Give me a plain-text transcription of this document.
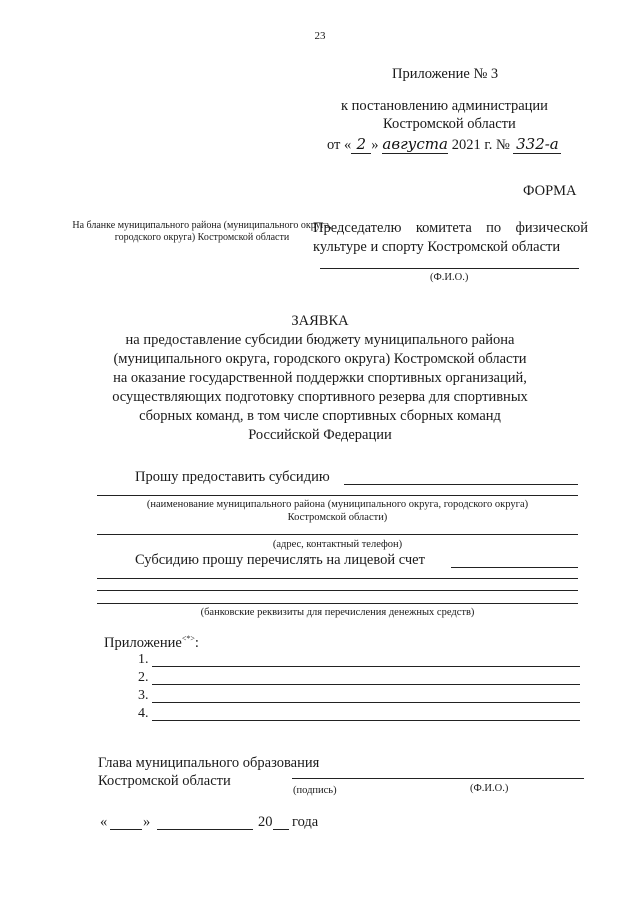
23
Приложение № 3
к постановлению администрации
Костромской области
от « 2 » августа 2021 г. № 332-а
ФОРМА
На бланке муниципального района (муниципального округа, городского округа) Костромской области
Председателю комитета по физической
культуре и спорту Костромской области
(Ф.И.О.)
ЗАЯВКА
на предоставление субсидии бюджету муниципального района
(муниципального округа, городского округа) Костромской области
на оказание государственной поддержки спортивных организаций,
осуществляющих подготовку спортивного резерва для спортивных
сборных команд, в том числе спортивных сборных команд
Российской Федерации
Прошу предоставить субсидию
(наименование муниципального района (муниципального округа, городского округа)
Костромской области)
(адрес, контактный телефон)
Субсидию прошу перечислять на лицевой счет
(банковские реквизиты для перечисления денежных средств)
Приложение<*>:
1.
2.
3.
4.
Глава муниципального образования
Костромской области
(подпись)	(Ф.И.О.)
« »	20 года
